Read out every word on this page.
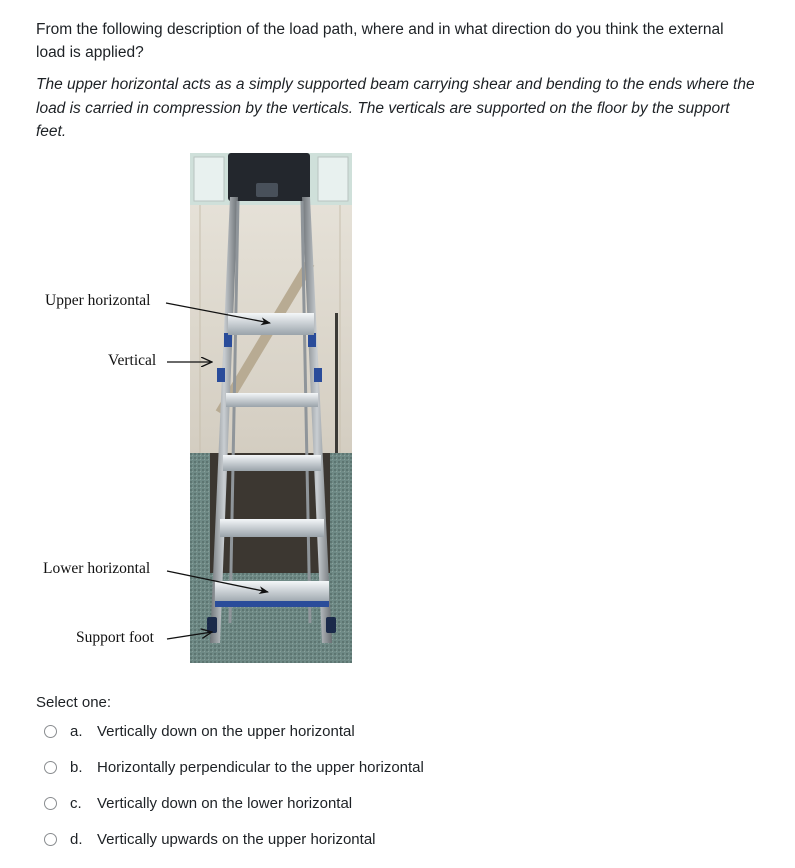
From the following description of the load path, where and in what direction do you think the external
load is applied?
The upper horizontal acts as a simply supported beam carrying shear and bending to the ends where the
load is carried in compression by the verticals. The verticals are supported on the floor by the support
feet.
Upper horizontal
Vertical
Lower horizontal
Support foot
Select one:
a. Vertically down on the upper horizontal
b. Horizontally perpendicular to the upper horizontal
c.	Vertically down on the lower horizontal
d. Vertically upwards on the upper horizontal
